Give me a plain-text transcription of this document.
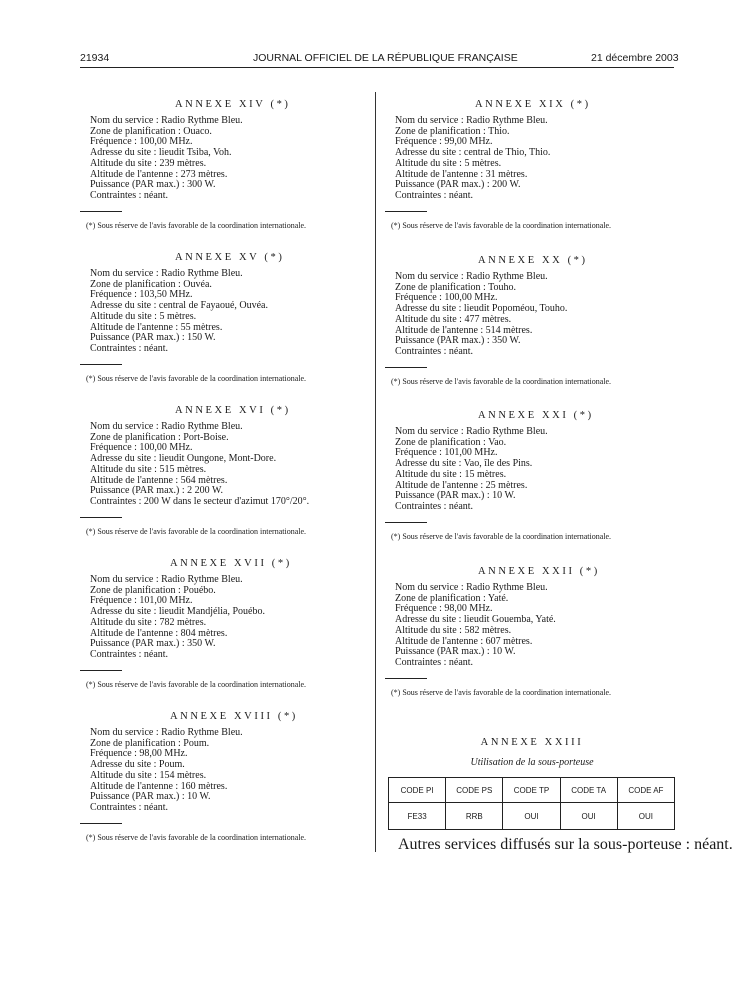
21934	JOURNAL OFFICIEL DE LA RÉPUBLIQUE FRANÇAISE	21 décembre 2003
ANNEXE XIV (*)
Nom du service : Radio Rythme Bleu.
Zone de planification : Ouaco.
Fréquence : 100,00 MHz.
Adresse du site : lieudit Tsiba, Voh.
Altitude du site : 239 mètres.
Altitude de l'antenne : 273 mètres.
Puissance (PAR max.) : 300 W.
Contraintes : néant.
(*) Sous réserve de l'avis favorable de la coordination internationale.
ANNEXE XV (*)
Nom du service : Radio Rythme Bleu.
Zone de planification : Ouvéa.
Fréquence : 103,50 MHz.
Adresse du site : central de Fayaoué, Ouvéa.
Altitude du site : 5 mètres.
Altitude de l'antenne : 55 mètres.
Puissance (PAR max.) : 150 W.
Contraintes : néant.
(*) Sous réserve de l'avis favorable de la coordination internationale.
ANNEXE XVI (*)
Nom du service : Radio Rythme Bleu.
Zone de planification : Port-Boise.
Fréquence : 100,00 MHz.
Adresse du site : lieudit Oungone, Mont-Dore.
Altitude du site : 515 mètres.
Altitude de l'antenne : 564 mètres.
Puissance (PAR max.) : 2 200 W.
Contraintes : 200 W dans le secteur d'azimut 170°/20°.
(*) Sous réserve de l'avis favorable de la coordination internationale.
ANNEXE XVII (*)
Nom du service : Radio Rythme Bleu.
Zone de planification : Pouébo.
Fréquence : 101,00 MHz.
Adresse du site : lieudit Mandjélia, Pouébo.
Altitude du site : 782 mètres.
Altitude de l'antenne : 804 mètres.
Puissance (PAR max.) : 350 W.
Contraintes : néant.
(*) Sous réserve de l'avis favorable de la coordination internationale.
ANNEXE XVIII (*)
Nom du service : Radio Rythme Bleu.
Zone de planification : Poum.
Fréquence : 98,00 MHz.
Adresse du site : Poum.
Altitude du site : 154 mètres.
Altitude de l'antenne : 160 mètres.
Puissance (PAR max.) : 10 W.
Contraintes : néant.
(*) Sous réserve de l'avis favorable de la coordination internationale.
ANNEXE XIX (*)
Nom du service : Radio Rythme Bleu.
Zone de planification : Thio.
Fréquence : 99,00 MHz.
Adresse du site : central de Thio, Thio.
Altitude du site : 5 mètres.
Altitude de l'antenne : 31 mètres.
Puissance (PAR max.) : 200 W.
Contraintes : néant.
(*) Sous réserve de l'avis favorable de la coordination internationale.
ANNEXE XX (*)
Nom du service : Radio Rythme Bleu.
Zone de planification : Touho.
Fréquence : 100,00 MHz.
Adresse du site : lieudit Popoméou, Touho.
Altitude du site : 477 mètres.
Altitude de l'antenne : 514 mètres.
Puissance (PAR max.) : 350 W.
Contraintes : néant.
(*) Sous réserve de l'avis favorable de la coordination internationale.
ANNEXE XXI (*)
Nom du service : Radio Rythme Bleu.
Zone de planification : Vao.
Fréquence : 101,00 MHz.
Adresse du site : Vao, île des Pins.
Altitude du site : 15 mètres.
Altitude de l'antenne : 25 mètres.
Puissance (PAR max.) : 10 W.
Contraintes : néant.
(*) Sous réserve de l'avis favorable de la coordination internationale.
ANNEXE XXII (*)
Nom du service : Radio Rythme Bleu.
Zone de planification : Yaté.
Fréquence : 98,00 MHz.
Adresse du site : lieudit Gouemba, Yaté.
Altitude du site : 582 mètres.
Altitude de l'antenne : 607 mètres.
Puissance (PAR max.) : 10 W.
Contraintes : néant.
(*) Sous réserve de l'avis favorable de la coordination internationale.
ANNEXE XXIII
Utilisation de la sous-porteuse
CODE PI	CODE PS	CODE TP	CODE TA	CODE AF
FE33	RRB	OUI	OUI	OUI
Autres services diffusés sur la sous-porteuse : néant.
